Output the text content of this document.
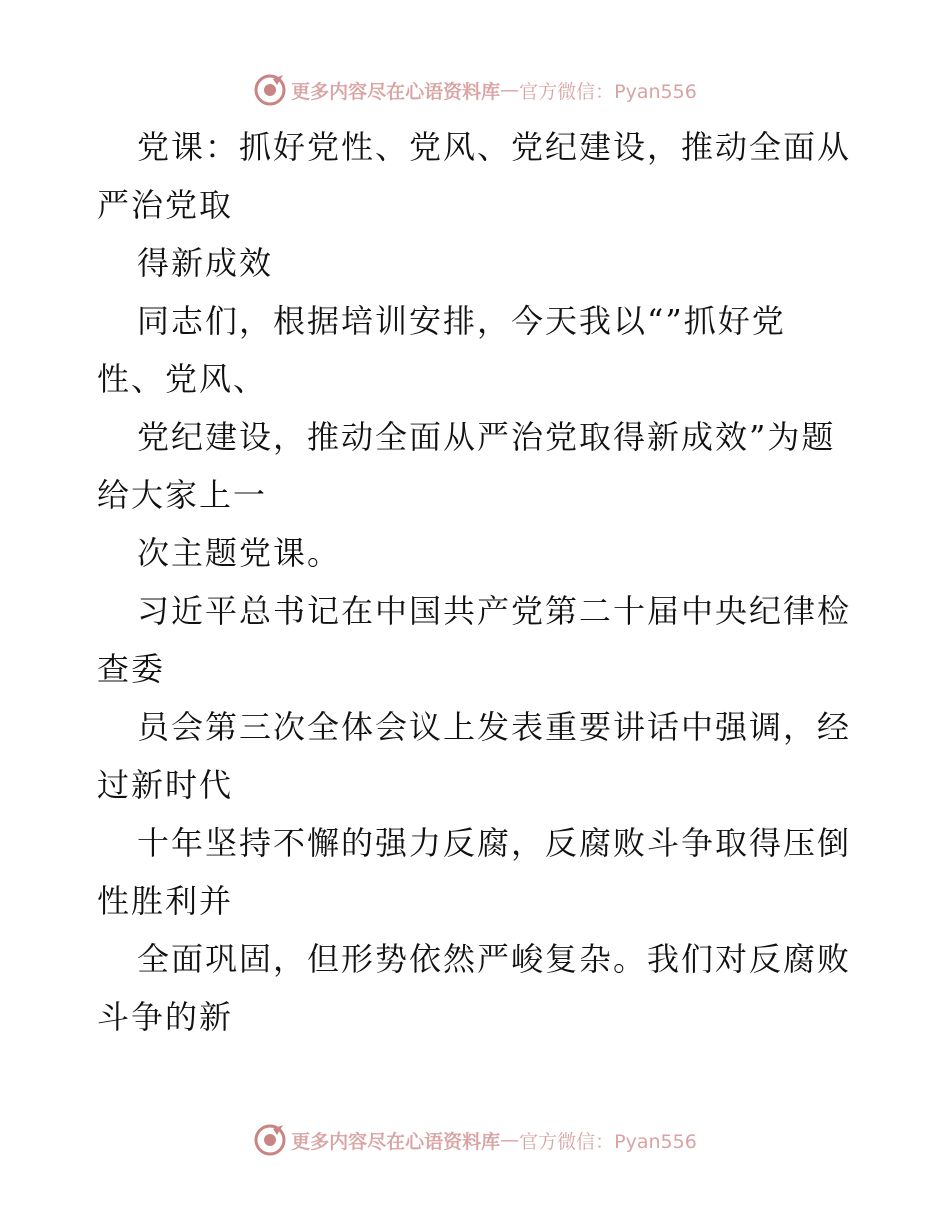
更多内容尽在心语资料库 — 官方微信：Pyan556
党课：抓好党性、党风、党纪建设，推动全面从
严治党取
得新成效
同志们，根据培训安排，今天我以“”抓好党
性、党风、
党纪建设，推动全面从严治党取得新成效”为题
给大家上一
次主题党课。
习近平总书记在中国共产党第二十届中央纪律检
查委
员会第三次全体会议上发表重要讲话中强调，经
过新时代
十年坚持不懈的强力反腐，反腐败斗争取得压倒
性胜利并
全面巩固，但形势依然严峻复杂。我们对反腐败
斗争的新
更多内容尽在心语资料库 — 官方微信：Pyan556
